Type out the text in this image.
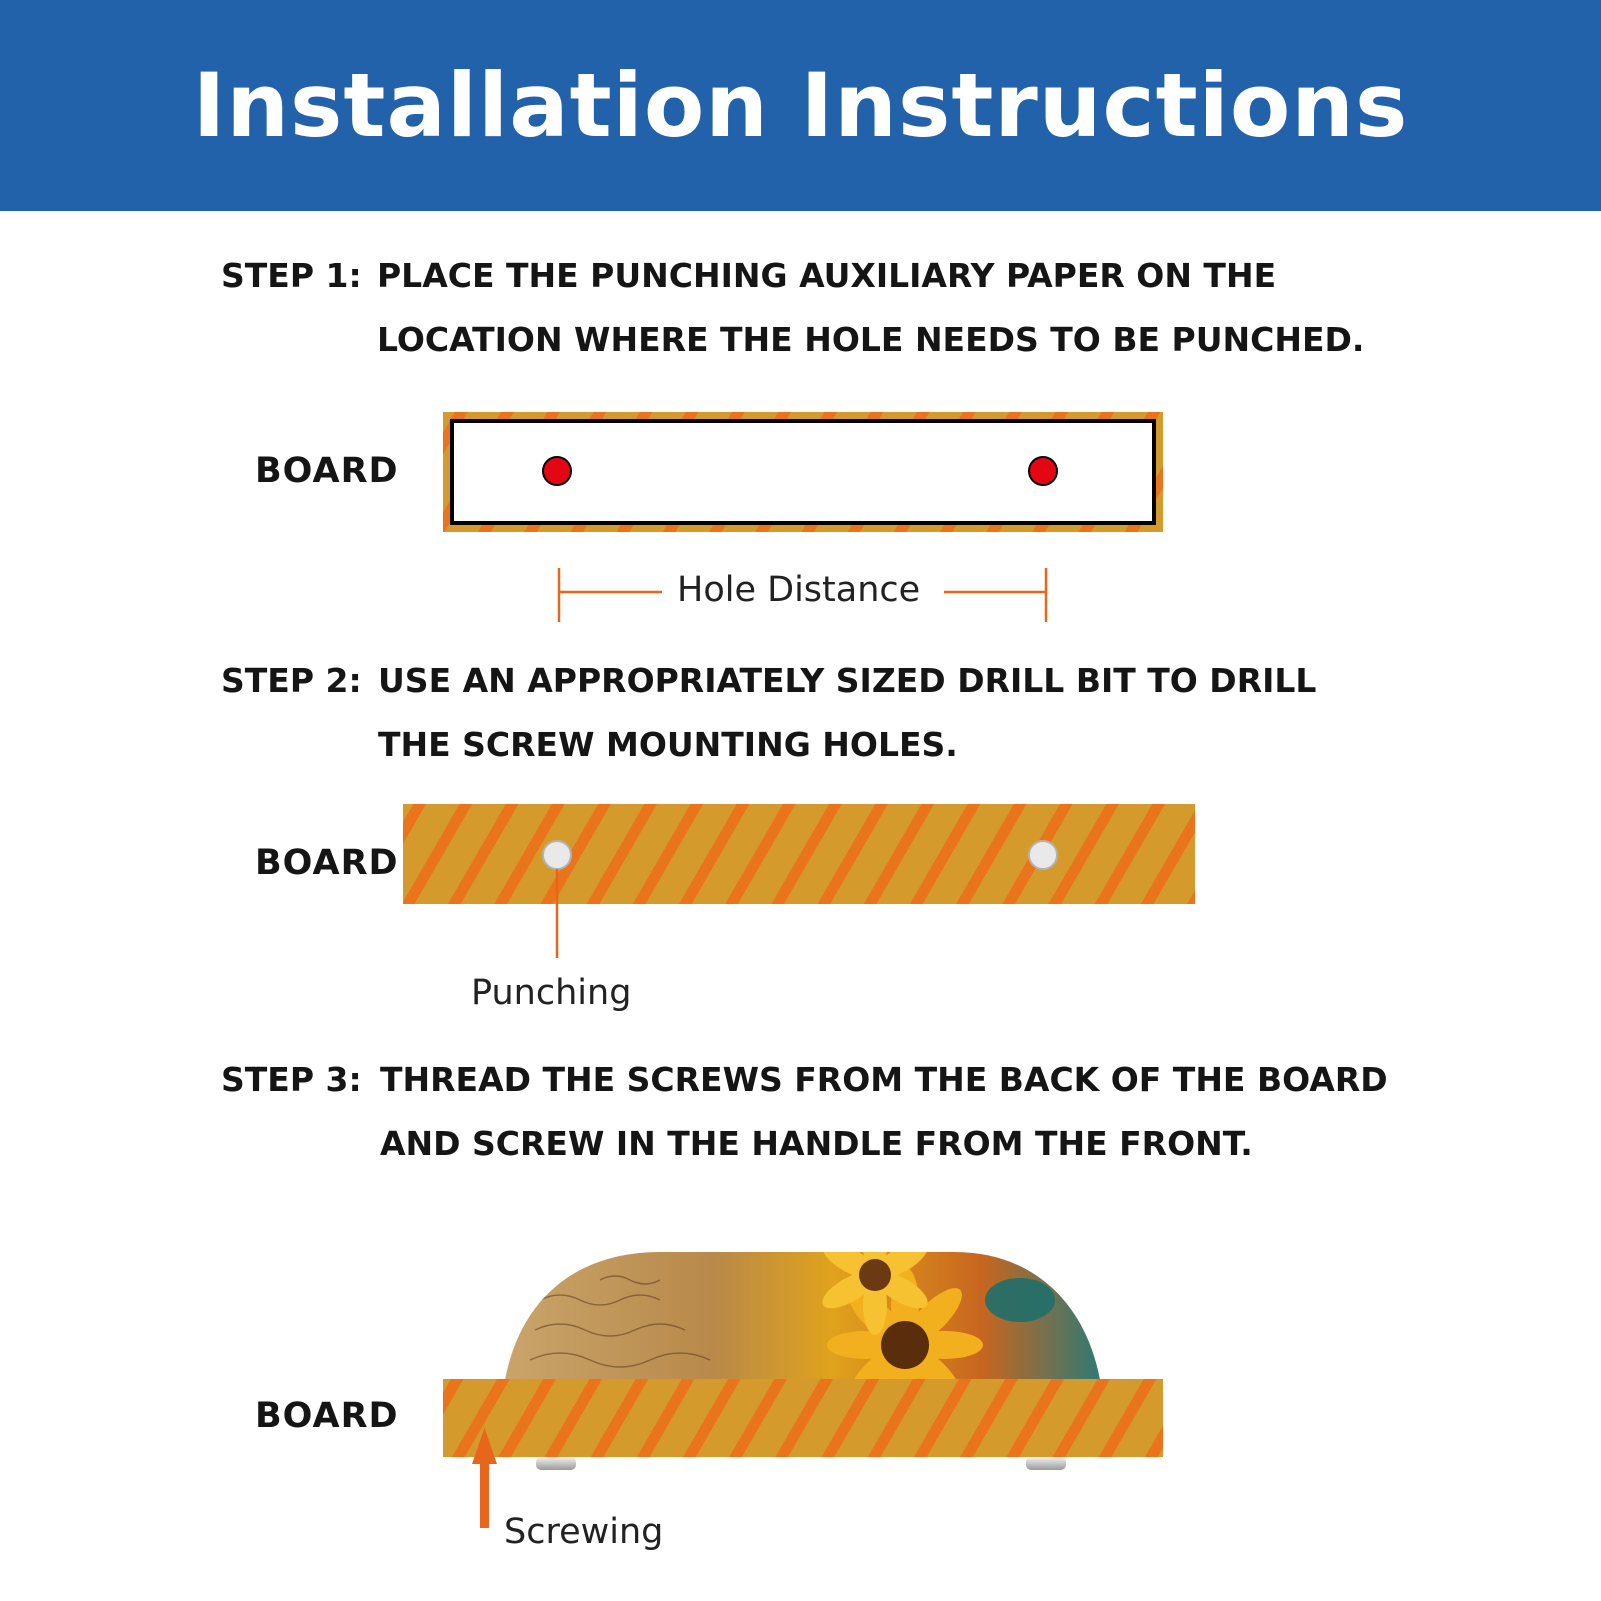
Installation Instructions
STEP 1: PLACE THE PUNCHING AUXILIARY PAPER ON THE
LOCATION WHERE THE HOLE NEEDS TO BE PUNCHED.
STEP 2: USE AN APPROPRIATELY SIZED DRILL BIT TO DRILL
THE SCREW MOUNTING HOLES.
STEP 3: THREAD THE SCREWS FROM THE BACK OF THE BOARD
AND SCREW IN THE HANDLE FROM THE FRONT.
BOARD
BOARD
BOARD
Hole Distance
Punching
Screwing
